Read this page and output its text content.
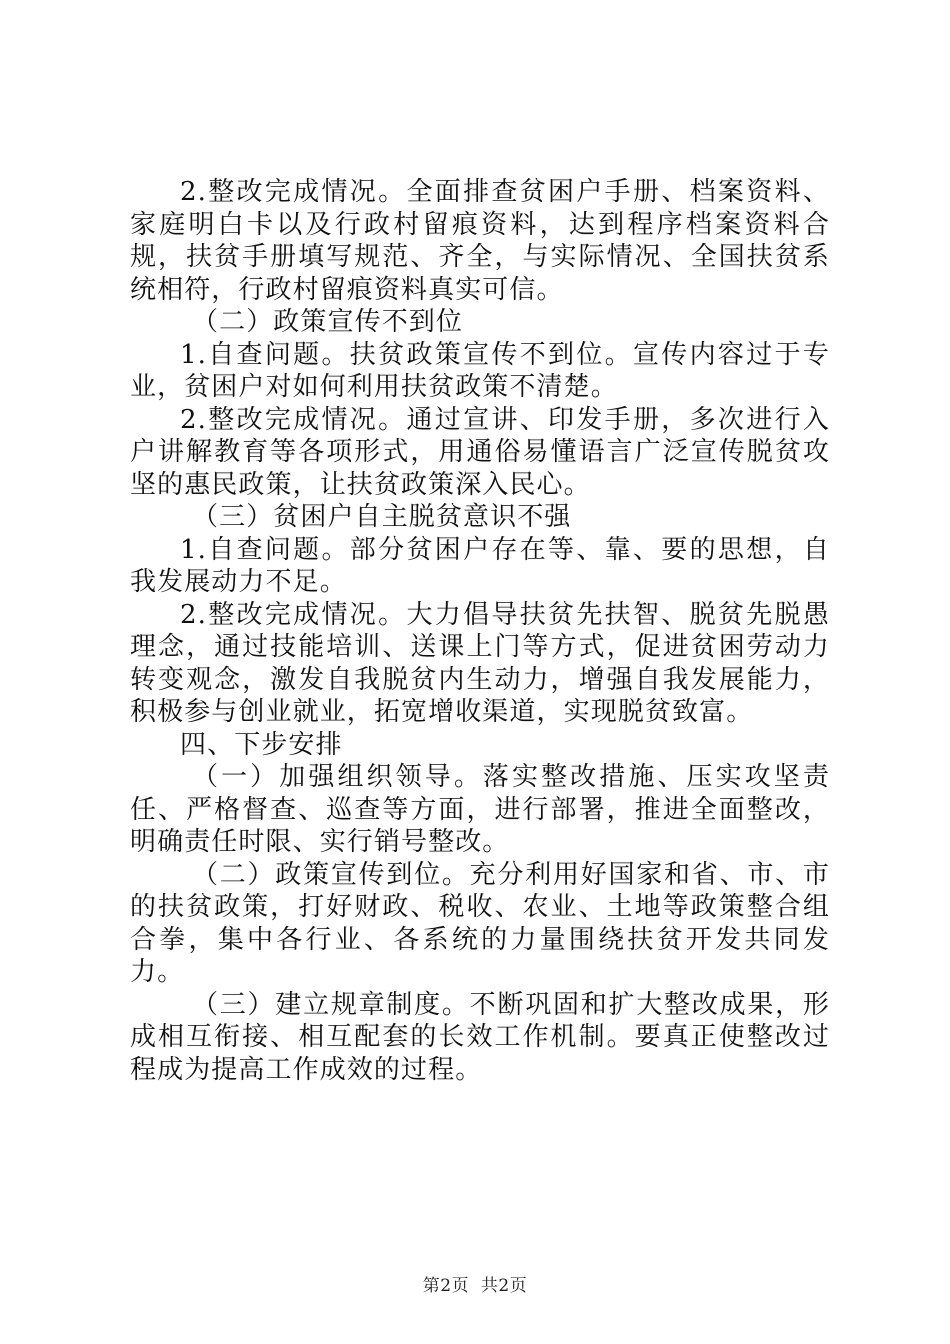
2.整改完成情况。全面排查贫困户手册、档案资料、家庭明白卡以及行政村留痕资料，达到程序档案资料合规，扶贫手册填写规范、齐全，与实际情况、全国扶贫系统相符，行政村留痕资料真实可信。

（二）政策宣传不到位

1.自查问题。扶贫政策宣传不到位。宣传内容过于专业，贫困户对如何利用扶贫政策不清楚。

2.整改完成情况。通过宣讲、印发手册，多次进行入户讲解教育等各项形式，用通俗易懂语言广泛宣传脱贫攻坚的惠民政策，让扶贫政策深入民心。

（三）贫困户自主脱贫意识不强

1.自查问题。部分贫困户存在等、靠、要的思想，自我发展动力不足。

2.整改完成情况。大力倡导扶贫先扶智、脱贫先脱愚理念，通过技能培训、送课上门等方式，促进贫困劳动力转变观念，激发自我脱贫内生动力，增强自我发展能力，积极参与创业就业，拓宽增收渠道，实现脱贫致富。

四、下步安排

（一）加强组织领导。落实整改措施、压实攻坚责任、严格督查、巡查等方面，进行部署，推进全面整改，明确责任时限、实行销号整改。

（二）政策宣传到位。充分利用好国家和省、市、市的扶贫政策，打好财政、税收、农业、土地等政策整合组合拳，集中各行业、各系统的力量围绕扶贫开发共同发力。

（三）建立规章制度。不断巩固和扩大整改成果，形成相互衔接、相互配套的长效工作机制。要真正使整改过程成为提高工作成效的过程。

第2页 共2页
